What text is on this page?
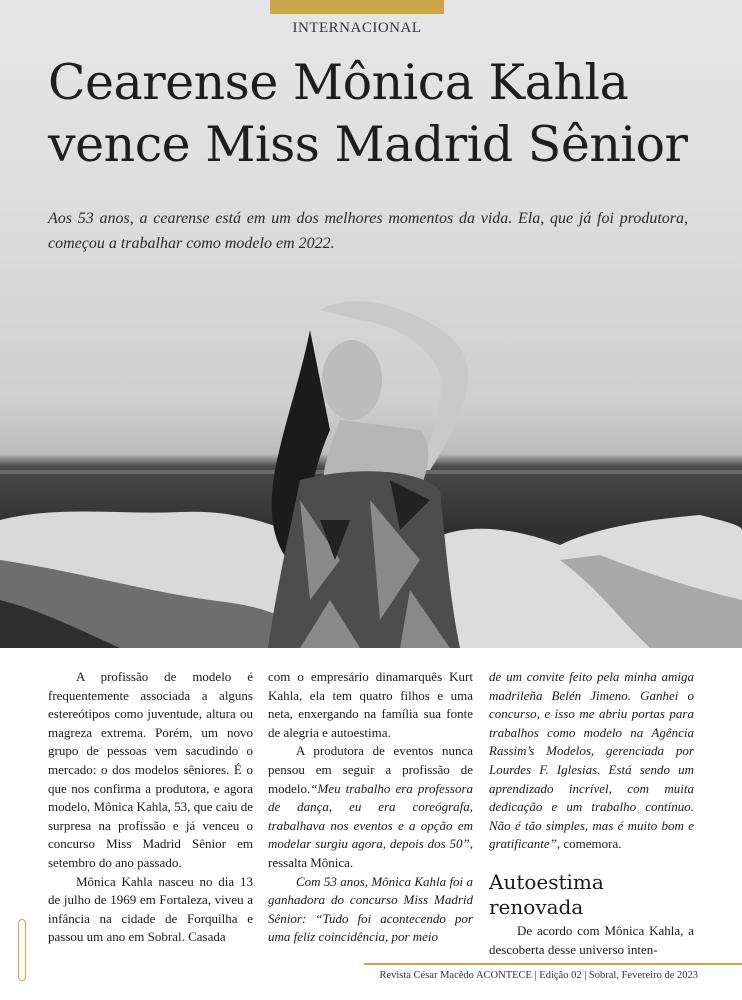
INTERNACIONAL
Cearense Mônica Kahla
vence Miss Madrid Sênior

Aos 53 anos, a cearense está em um dos melhores momentos da vida. Ela, que já foi produtora, começou a trabalhar como modelo em 2022.

A profissão de modelo é frequentemente associada a alguns estereótipos como juventude, altura ou magreza extrema. Porém, um novo grupo de pessoas vem sacudindo o mercado: o dos modelos sêniores. É o que nos confirma a produtora, e agora modelo, Mônica Kahla, 53, que caiu de surpresa na profissão e já venceu o concurso Miss Madrid Sênior em setembro do ano passado.

Mônica Kahla nasceu no dia 13 de julho de 1969 em Fortaleza, viveu a infância na cidade de Forquilha e passou um ano em Sobral. Casada

com o empresário dinamarquês Kurt Kahla, ela tem quatro filhos e uma neta, enxergando na família sua fonte de alegria e autoestima.

A produtora de eventos nunca pensou em seguir a profissão de modelo.“Meu trabalho era professora de dança, eu era coreógrafa, trabalhava nos eventos e a opção em modelar surgiu agora, depois dos 50”, ressalta Mônica.

Com 53 anos, Mônica Kahla foi a ganhadora do concurso Miss Madrid Sênior: “Tudo foi acontecendo por uma feliz coincidência, por meio

de um convite feito pela minha amiga madrileña Belén Jimeno. Ganhei o concurso, e isso me abriu portas para trabalhos como modelo na Agência Rassim’s Modelos, gerenciada por Lourdes F. Iglesias. Está sendo um aprendizado incrível, com muita dedicação e um trabalho contínuo. Não é tão simples, mas é muito bom e gratificante”, comemora.

Autoestima renovada

De acordo com Mônica Kahla, a descoberta desse universo inten-

Revista César Macêdo ACONTECE | Edição 02 | Sobral, Fevereiro de 2023
